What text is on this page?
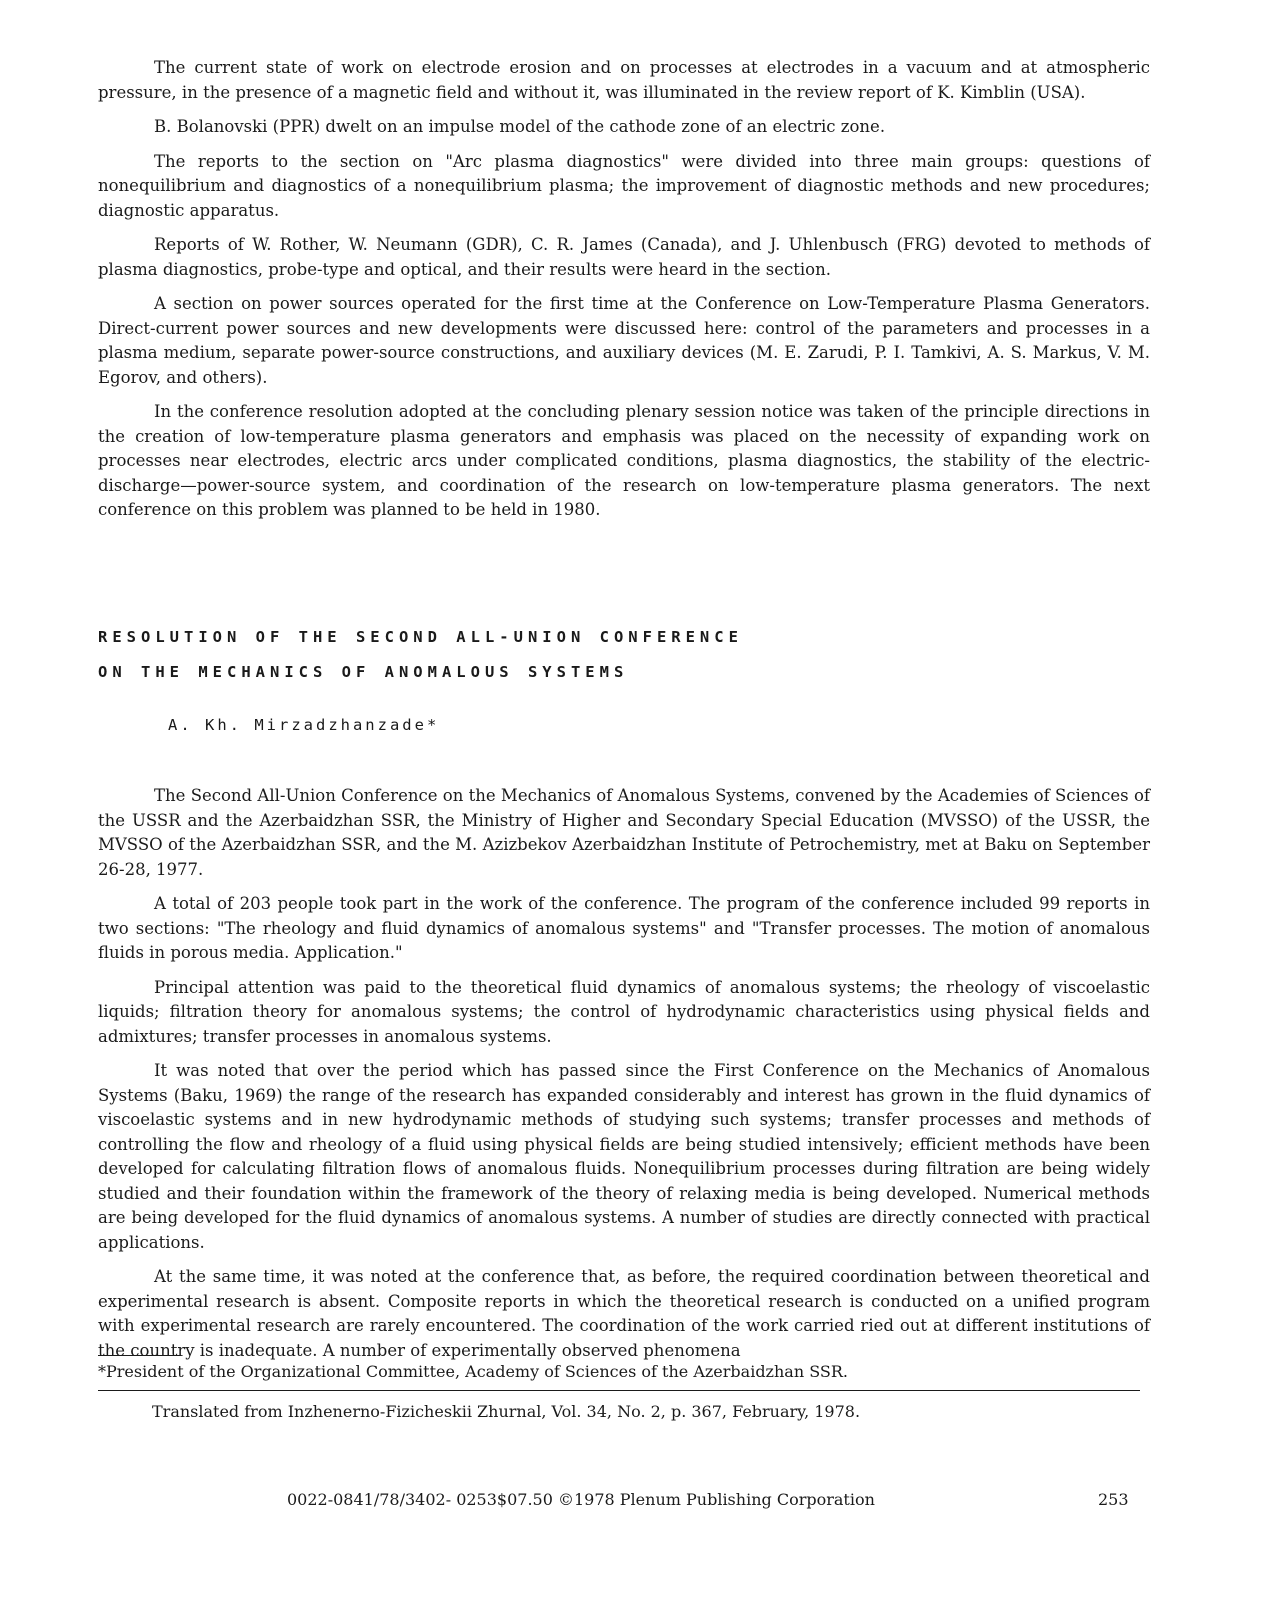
The current state of work on electrode erosion and on processes at electrodes in a vacuum and at atmospheric pressure, in the presence of a magnetic field and without it, was illuminated in the review report of K. Kimblin (USA).

B. Bolanovski (PPR) dwelt on an impulse model of the cathode zone of an electric zone.

The reports to the section on "Arc plasma diagnostics" were divided into three main groups: questions of nonequilibrium and diagnostics of a nonequilibrium plasma; the improvement of diagnostic methods and new procedures; diagnostic apparatus.

Reports of W. Rother, W. Neumann (GDR), C. R. James (Canada), and J. Uhlenbusch (FRG) devoted to methods of plasma diagnostics, probe-type and optical, and their results were heard in the section.

A section on power sources operated for the first time at the Conference on Low-Temperature Plasma Generators. Direct-current power sources and new developments were discussed here: control of the parameters and processes in a plasma medium, separate power-source constructions, and auxiliary devices (M. E. Zarudi, P. I. Tamkivi, A. S. Markus, V. M. Egorov, and others).

In the conference resolution adopted at the concluding plenary session notice was taken of the principle directions in the creation of low-temperature plasma generators and emphasis was placed on the necessity of expanding work on processes near electrodes, electric arcs under complicated conditions, plasma diagnostics, the stability of the electric-discharge—power-source system, and coordination of the research on low-temperature plasma generators. The next conference on this problem was planned to be held in 1980.

RESOLUTION OF THE SECOND ALL-UNION CONFERENCE
ON THE MECHANICS OF ANOMALOUS SYSTEMS
A. Kh. Mirzadzhanzade*

The Second All-Union Conference on the Mechanics of Anomalous Systems, convened by the Academies of Sciences of the USSR and the Azerbaidzhan SSR, the Ministry of Higher and Secondary Special Education (MVSSO) of the USSR, the MVSSO of the Azerbaidzhan SSR, and the M. Azizbekov Azerbaidzhan Institute of Petrochemistry, met at Baku on September 26-28, 1977.

A total of 203 people took part in the work of the conference. The program of the conference included 99 reports in two sections: "The rheology and fluid dynamics of anomalous systems" and "Transfer processes. The motion of anomalous fluids in porous media. Application."

Principal attention was paid to the theoretical fluid dynamics of anomalous systems; the rheology of viscoelastic liquids; filtration theory for anomalous systems; the control of hydrodynamic characteristics using physical fields and admixtures; transfer processes in anomalous systems.

It was noted that over the period which has passed since the First Conference on the Mechanics of Anomalous Systems (Baku, 1969) the range of the research has expanded considerably and interest has grown in the fluid dynamics of viscoelastic systems and in new hydrodynamic methods of studying such systems; transfer processes and methods of controlling the flow and rheology of a fluid using physical fields are being studied intensively; efficient methods have been developed for calculating filtration flows of anomalous fluids. Nonequilibrium processes during filtration are being widely studied and their foundation within the framework of the theory of relaxing media is being developed. Numerical methods are being developed for the fluid dynamics of anomalous systems. A number of studies are directly connected with practical applications.

At the same time, it was noted at the conference that, as before, the required coordination between theoretical and experimental research is absent. Composite reports in which the theoretical research is conducted on a unified program with experimental research are rarely encountered. The coordination of the work carried ried out at different institutions of the country is inadequate. A number of experimentally observed phenomena

*President of the Organizational Committee, Academy of Sciences of the Azerbaidzhan SSR.
Translated from Inzhenerno-Fizicheskii Zhurnal, Vol. 34, No. 2, p. 367, February, 1978.
0022-0841/78/3402- 0253$07.50 ©1978 Plenum Publishing Corporation	253
